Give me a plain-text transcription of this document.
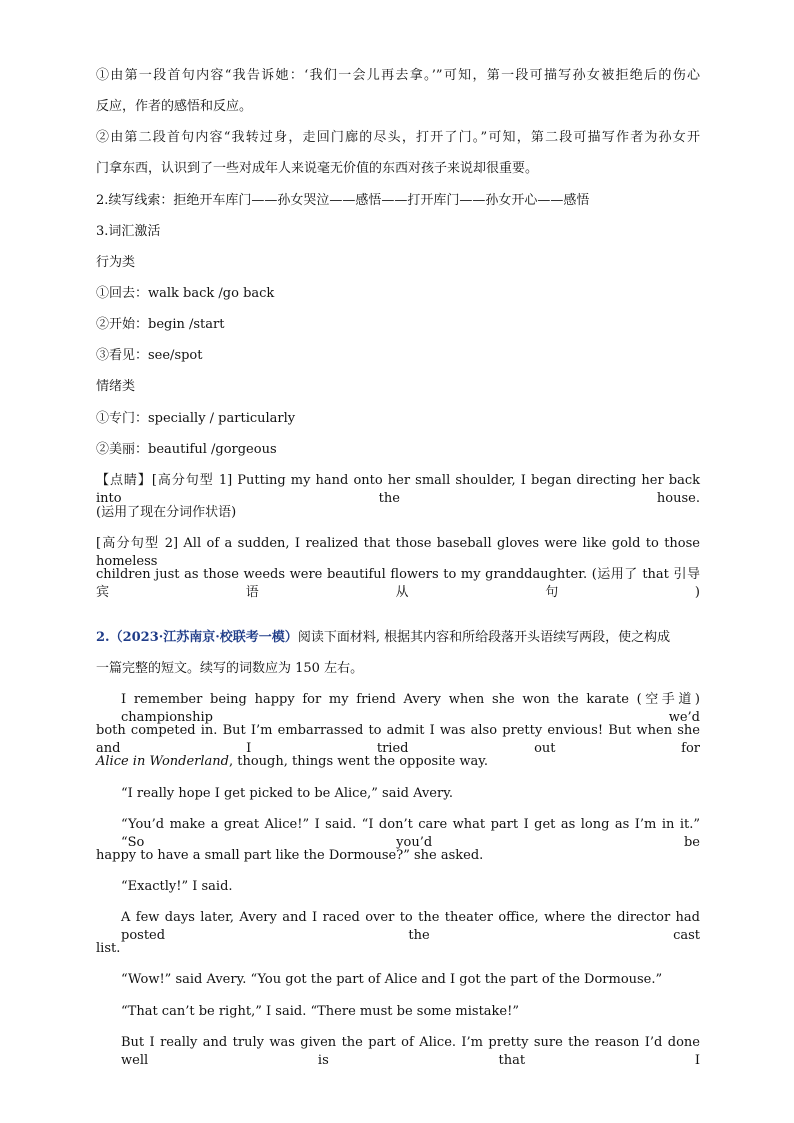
①由第一段首句内容“我告诉她：‘我们一会儿再去拿。’”可知，第一段可描写孙女被拒绝后的伤心
反应，作者的感悟和反应。
②由第二段首句内容“我转过身，走回门廊的尽头，打开了门。”可知，第二段可描写作者为孙女开
门拿东西，认识到了一些对成年人来说毫无价值的东西对孩子来说却很重要。
2.续写线索：拒绝开车库门——孙女哭泣——感悟——打开库门——孙女开心——感悟
3.词汇激活
行为类
①回去：walk back /go back
②开始：begin /start
③看见：see/spot
情绪类
①专门：specially / particularly
②美丽：beautiful /gorgeous
【点睛】[高分句型 1] Putting my hand onto her small shoulder, I began directing her back into the house.
(运用了现在分词作状语)
[高分句型 2] All of a sudden, I realized that those baseball gloves were like gold to those homeless
children just as those weeds were beautiful flowers to my granddaughter. (运用了 that 引导宾语从句)
2.（2023·江苏南京·校联考一模）阅读下面材料, 根据其内容和所给段落开头语续写两段，使之构成
一篇完整的短文。续写的词数应为 150 左右。
I remember being happy for my friend Avery when she won the karate (空手道) championship we’d
both competed in. But I’m embarrassed to admit I was also pretty envious! But when she and I tried out for
Alice in Wonderland, though, things went the opposite way.
“I really hope I get picked to be Alice,” said Avery.
“You’d make a great Alice!” I said. “I don’t care what part I get as long as I’m in it.” “So you’d be
happy to have a small part like the Dormouse?” she asked.
“Exactly!” I said.
A few days later, Avery and I raced over to the theater office, where the director had posted the cast
list.
“Wow!” said Avery. “You got the part of Alice and I got the part of the Dormouse.”
“That can’t be right,” I said. “There must be some mistake!”
But I really and truly was given the part of Alice. I’m pretty sure the reason I’d done well is that I
